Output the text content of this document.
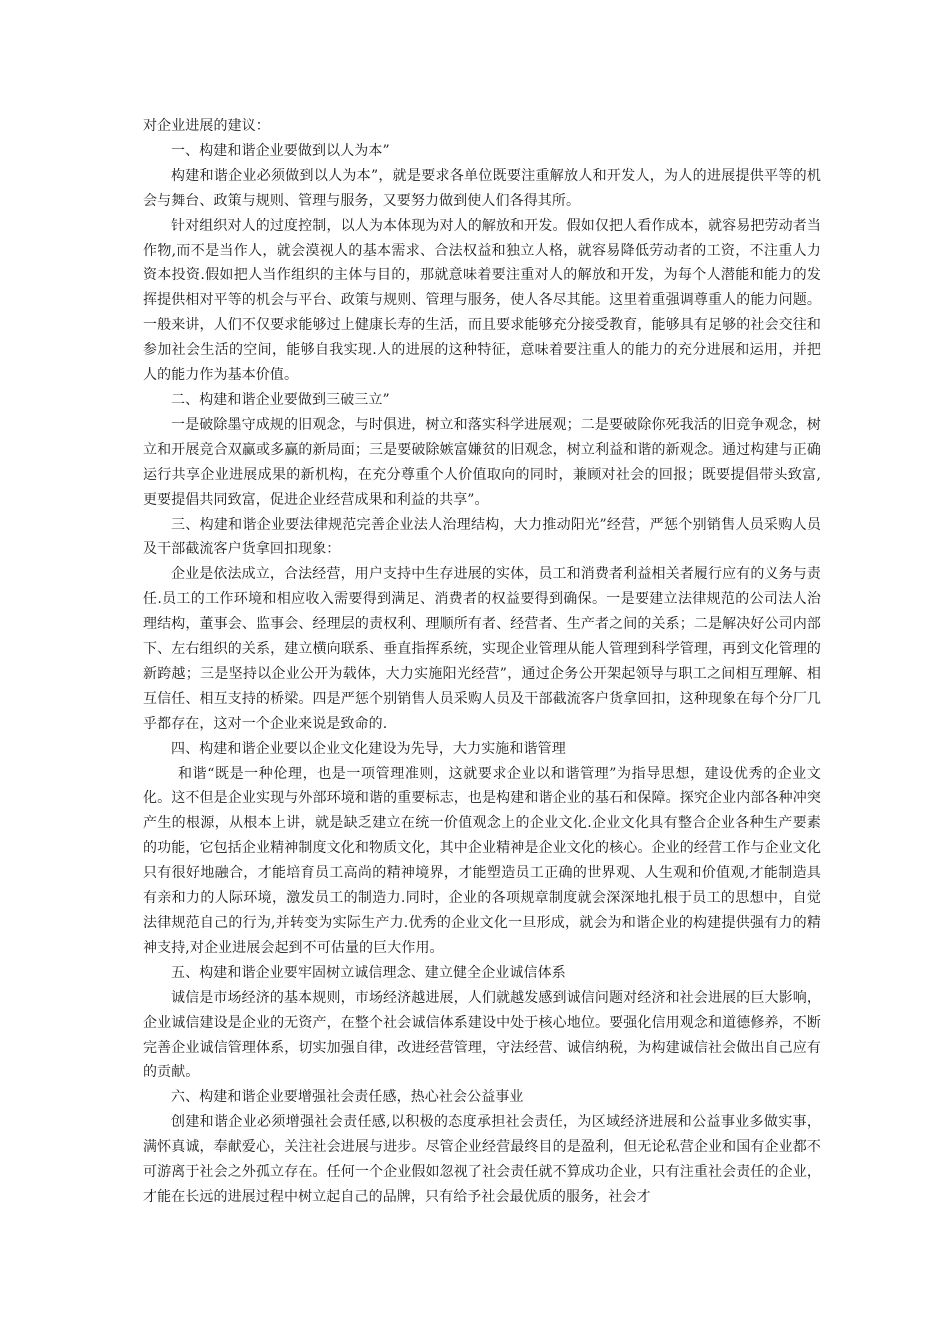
对企业进展的建议：

一、构建和谐企业要做到以人为本”

构建和谐企业必须做到以人为本”，就是要求各单位既要注重解放人和开发人，为人的进展提供平等的机会与舞台、政策与规则、管理与服务，又要努力做到使人们各得其所。

针对组织对人的过度控制，以人为本体现为对人的解放和开发。假如仅把人看作成本，就容易把劳动者当作物,而不是当作人，就会漠视人的基本需求、合法权益和独立人格，就容易降低劳动者的工资，不注重人力资本投资.假如把人当作组织的主体与目的，那就意味着要注重对人的解放和开发，为每个人潜能和能力的发挥提供相对平等的机会与平台、政策与规则、管理与服务，使人各尽其能。这里着重强调尊重人的能力问题。一般来讲，人们不仅要求能够过上健康长寿的生活，而且要求能够充分接受教育，能够具有足够的社会交往和参加社会生活的空间，能够自我实现.人的进展的这种特征，意味着要注重人的能力的充分进展和运用，并把人的能力作为基本价值。

二、构建和谐企业要做到三破三立”

一是破除墨守成规的旧观念，与时俱进，树立和落实科学进展观；二是要破除你死我活的旧竞争观念，树立和开展竞合双赢或多赢的新局面；三是要破除嫉富嫌贫的旧观念，树立利益和谐的新观念。通过构建与正确运行共享企业进展成果的新机构，在充分尊重个人价值取向的同时，兼顾对社会的回报；既要提倡带头致富,更要提倡共同致富，促进企业经营成果和利益的共享”。

三、构建和谐企业要法律规范完善企业法人治理结构，大力推动阳光”经营，严惩个别销售人员采购人员及干部截流客户货拿回扣现象：

企业是依法成立，合法经营，用户支持中生存进展的实体，员工和消费者利益相关者履行应有的义务与责任.员工的工作环境和相应收入需要得到满足、消费者的权益要得到确保。一是要建立法律规范的公司法人治理结构，董事会、监事会、经理层的责权利、理顺所有者、经营者、生产者之间的关系；二是解决好公司内部下、左右组织的关系，建立横向联系、垂直指挥系统，实现企业管理从能人管理到科学管理，再到文化管理的新跨越；三是坚持以企业公开为载体，大力实施阳光经营”，通过企务公开架起领导与职工之间相互理解、相互信任、相互支持的桥梁。四是严惩个别销售人员采购人员及干部截流客户货拿回扣，这种现象在每个分厂几乎都存在，这对一个企业来说是致命的.

四、构建和谐企业要以企业文化建设为先导，大力实施和谐管理

和谐“既是一种伦理，也是一项管理准则，这就要求企业以和谐管理”为指导思想，建设优秀的企业文化。这不但是企业实现与外部环境和谐的重要标志，也是构建和谐企业的基石和保障。探究企业内部各种冲突产生的根源，从根本上讲，就是缺乏建立在统一价值观念上的企业文化.企业文化具有整合企业各种生产要素的功能，它包括企业精神制度文化和物质文化，其中企业精神是企业文化的核心。企业的经营工作与企业文化只有很好地融合，才能培育员工高尚的精神境界，才能塑造员工正确的世界观、人生观和价值观,才能制造具有亲和力的人际环境，激发员工的制造力.同时，企业的各项规章制度就会深深地扎根于员工的思想中，自觉法律规范自己的行为,并转变为实际生产力.优秀的企业文化一旦形成，就会为和谐企业的构建提供强有力的精神支持,对企业进展会起到不可估量的巨大作用。

五、构建和谐企业要牢固树立诚信理念、建立健全企业诚信体系

诚信是市场经济的基本规则，市场经济越进展，人们就越发感到诚信问题对经济和社会进展的巨大影响，企业诚信建设是企业的无资产，在整个社会诚信体系建设中处于核心地位。要强化信用观念和道德修养，不断完善企业诚信管理体系，切实加强自律，改进经营管理，守法经营、诚信纳税，为构建诚信社会做出自己应有的贡献。

六、构建和谐企业要增强社会责任感，热心社会公益事业

创建和谐企业必须增强社会责任感,以积极的态度承担社会责任，为区域经济进展和公益事业多做实事，满怀真诚，奉献爱心，关注社会进展与进步。尽管企业经营最终目的是盈利，但无论私营企业和国有企业都不可游离于社会之外孤立存在。任何一个企业假如忽视了社会责任就不算成功企业，只有注重社会责任的企业，才能在长远的进展过程中树立起自己的品牌，只有给予社会最优质的服务，社会才
